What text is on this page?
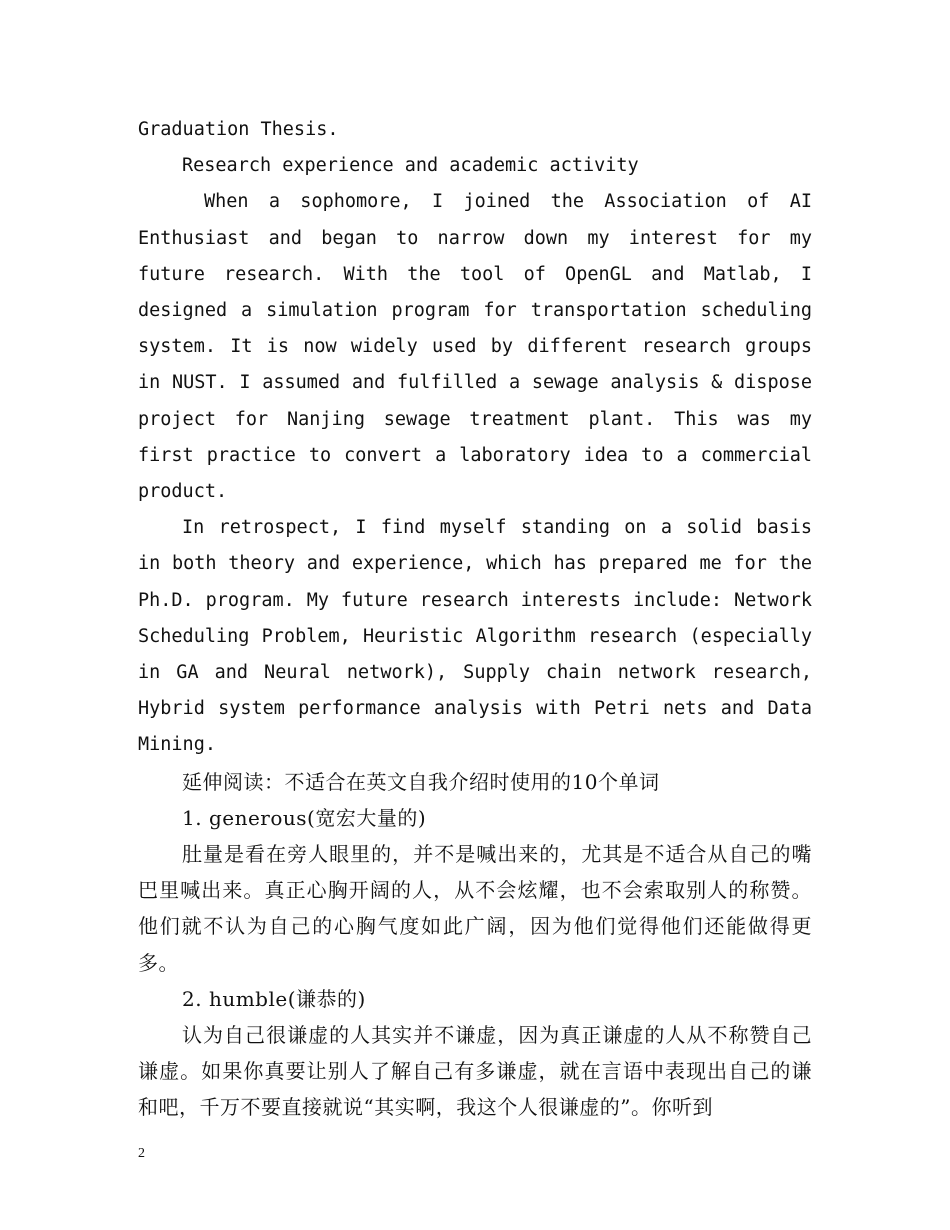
Graduation Thesis.

Research experience and academic activity

When a sophomore, I joined the Association of AI Enthusiast and began to narrow down my interest for my future research. With the tool of OpenGL and Matlab, I designed a simulation program for transportation scheduling system. It is now widely used by different research groups in NUST. I assumed and fulfilled a sewage analysis & dispose project for Nanjing sewage treatment plant. This was my first practice to convert a laboratory idea to a commercial product.

In retrospect, I find myself standing on a solid basis in both theory and experience, which has prepared me for the Ph.D. program. My future research interests include: Network Scheduling Problem, Heuristic Algorithm research (especially in GA and Neural network), Supply chain network research, Hybrid system performance analysis with Petri nets and Data Mining.

延伸阅读：不适合在英文自我介绍时使用的10个单词

1. generous(宽宏大量的)

肚量是看在旁人眼里的，并不是喊出来的，尤其是不适合从自己的嘴巴里喊出来。真正心胸开阔的人，从不会炫耀，也不会索取别人的称赞。他们就不认为自己的心胸气度如此广阔，因为他们觉得他们还能做得更多。

2. humble(谦恭的)

认为自己很谦虚的人其实并不谦虚，因为真正谦虚的人从不称赞自己谦虚。如果你真要让别人了解自己有多谦虚，就在言语中表现出自己的谦和吧，千万不要直接就说“其实啊，我这个人很谦虚的”。你听到

2
